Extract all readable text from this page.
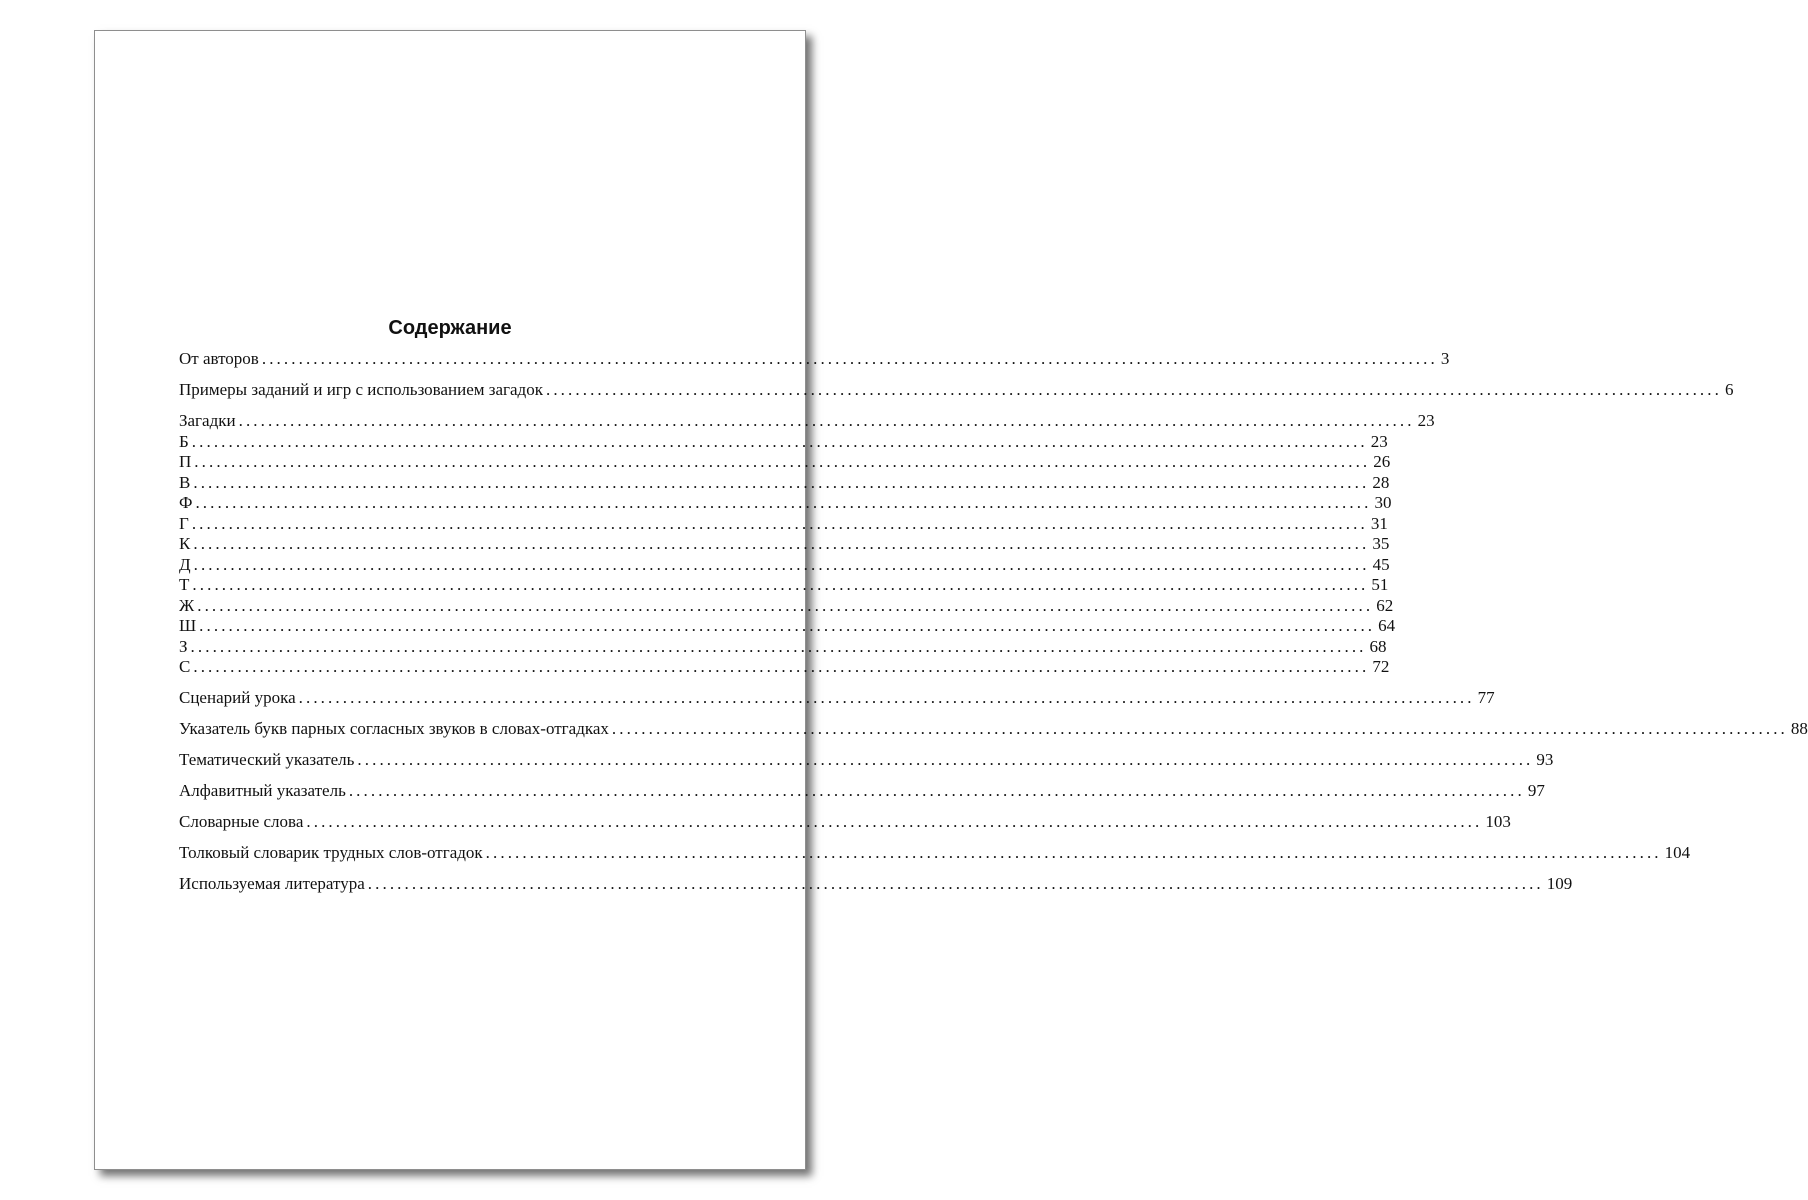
Содержание
От авторов ................................................................................................................................................................ 3
Примеры заданий и игр с использованием загадок ................................................................................................................................................................ 6
Загадки ................................................................................................................................................................ 23
Б ................................................................................................................................................................ 23
П ................................................................................................................................................................ 26
В ................................................................................................................................................................ 28
Ф ................................................................................................................................................................ 30
Г ................................................................................................................................................................ 31
К ................................................................................................................................................................ 35
Д ................................................................................................................................................................ 45
Т ................................................................................................................................................................ 51
Ж ................................................................................................................................................................ 62
Ш ................................................................................................................................................................ 64
З ................................................................................................................................................................ 68
С ................................................................................................................................................................ 72
Сценарий урока ................................................................................................................................................................ 77
Указатель букв парных согласных звуков в словах-отгадках ................................................................................................................................................................ 88
Тематический указатель ................................................................................................................................................................ 93
Алфавитный указатель ................................................................................................................................................................ 97
Словарные слова ................................................................................................................................................................ 103
Толковый словарик трудных слов-отгадок ................................................................................................................................................................ 104
Используемая литература ................................................................................................................................................................ 109
